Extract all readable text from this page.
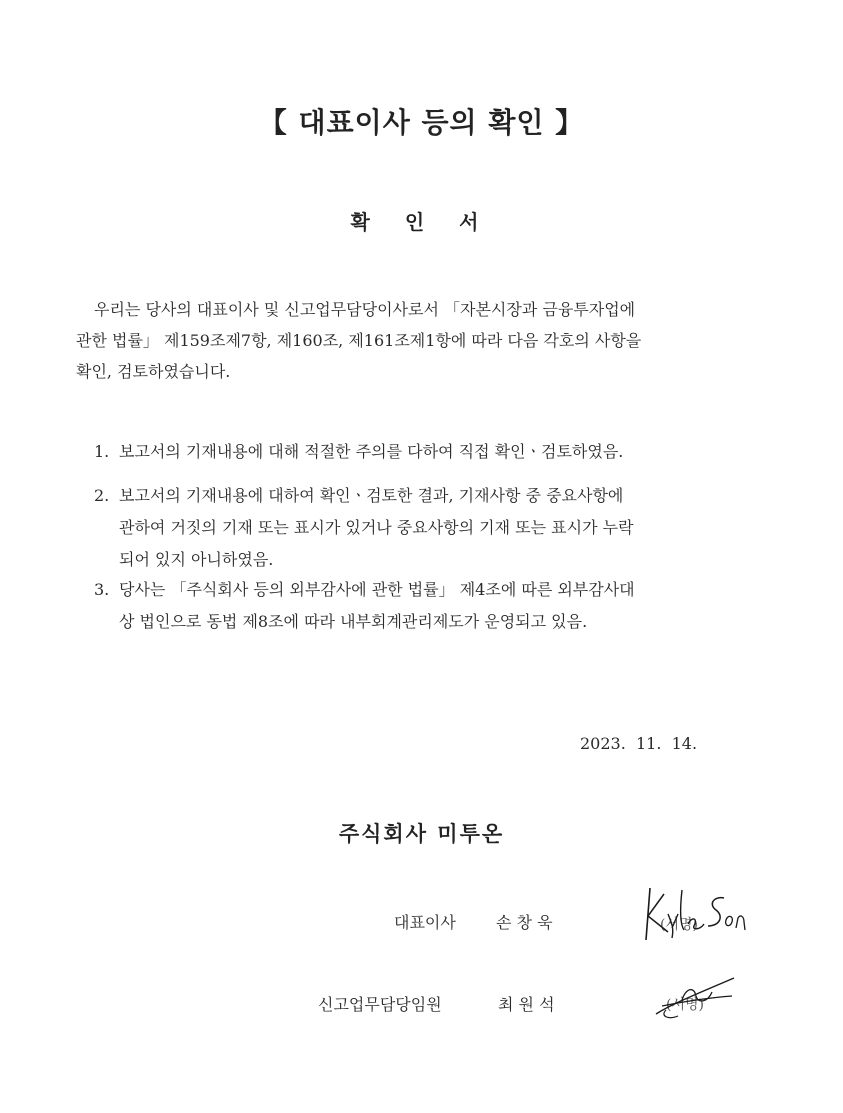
【 대표이사 등의 확인 】
확 인 서
우리는 당사의 대표이사 및 신고업무담당이사로서 「자본시장과 금융투자업에
관한 법률」 제159조제7항, 제160조, 제161조제1항에 따라 다음 각호의 사항을
확인, 검토하였습니다.
1. 보고서의 기재내용에 대해 적절한 주의를 다하여 직접 확인ㆍ검토하였음.
2. 보고서의 기재내용에 대하여 확인ㆍ검토한 결과, 기재사항 중 중요사항에
관하여 거짓의 기재 또는 표시가 있거나 중요사항의 기재 또는 표시가 누락
되어 있지 아니하였음.
3. 당사는 「주식회사 등의 외부감사에 관한 법률」 제4조에 따른 외부감사대
상 법인으로 동법 제8조에 따라 내부회계관리제도가 운영되고 있음.
2023.  11.  14.
주식회사 미투온
대표이사	손 창 욱	(서명)
신고업무담당임원	최 원 석	(서명)
